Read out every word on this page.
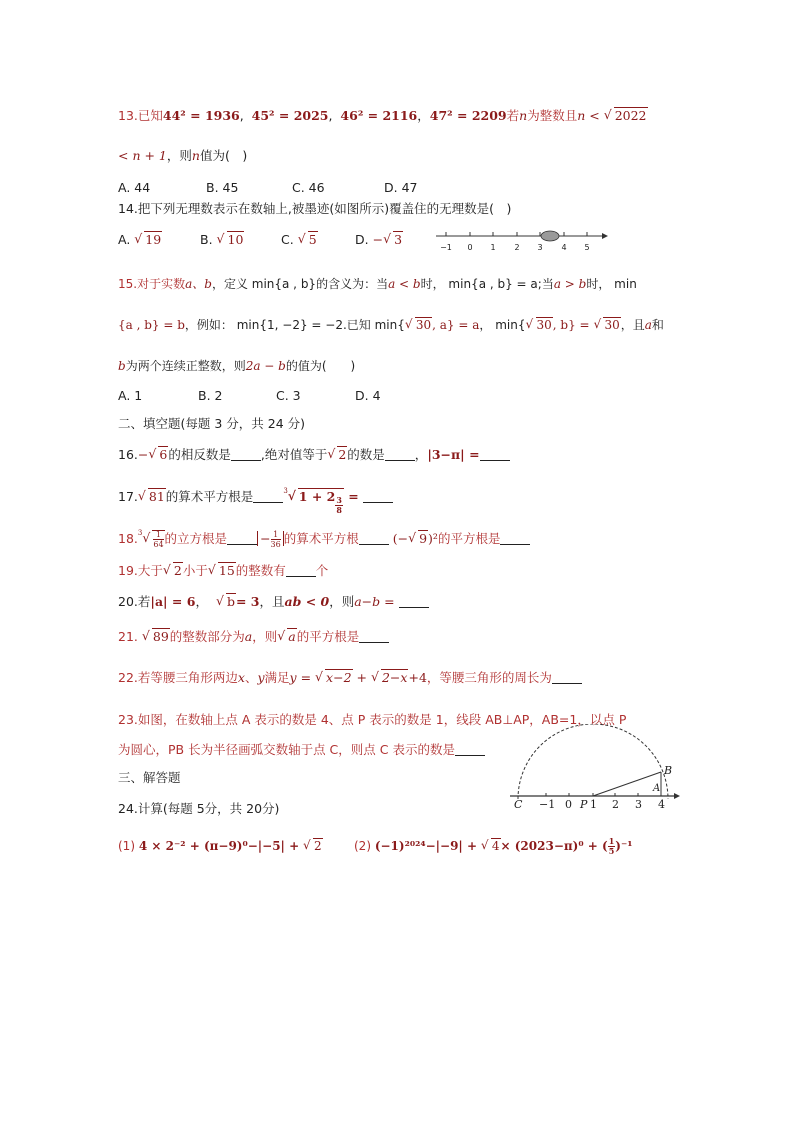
13.已知44² = 1936,  45² = 2025,  46² = 2116，47² = 2209若n为整数且n < √ 2022
< n + 1，则n值为(　)
A. 44	B. 45	C. 46	D. 47
14.把下列无理数表示在数轴上,被墨迹(如图所示)覆盖住的无理数是(　)
A. √ 19	B. √ 10	C. √ 5	D. − √ 3
−1 0 1 2 3 4 5
15.对于实数a、b，定义 min{a , b}的含义为：当a < b时， min{a , b} = a;当a > b时， min
{a , b} = b，例如： min{1, −2} = −2.已知 min{ √ 30, a} = a， min{ √ 30, b} = √ 30，且a和
b为两个连续正整数，则2a − b的值为(　　)
A. 1	B. 2	C. 3	D. 4
二、填空题(每题 3 分，共 24 分)
16.− √ 6的相反数是 ,绝对值等于 √ 2的数是 ，|3−π| =
17. √ 81的算术平方根是	$^3$ √ $1 + 2 \frac{3}{8}$ =
18.$^3$ √ $\frac{1}{64}$ 的立方根是	− $\frac{1}{36}$ 的算术平方根	(− √ 9)²的平方根是
19.大于 √ 2小于 √ 15的整数有 个
20.若|a| = 6， √ b= 3，且ab < 0，则a−b =
21. √ 89的整数部分为a，则 √ a的平方根是
22.若等腰三角形两边x、y满足y = √ x−2 + √ 2−x+4，等腰三角形的周长为
23.如图，在数轴上点 A 表示的数是 4、点 P 表示的数是 1，线段 AB⊥AP，AB=1，以点 P
为圆心，PB 长为半径画弧交数轴于点 C，则点 C 表示的数是
C −1 0 P 1 2 3 4
A
B
三、解答题
24.计算(每题 5分，共 20分)
(1) 4 × 2⁻² + (π−9)⁰−|−5| + √ 2	(2) (−1)²⁰²⁴−|−9| + √ 4× (2023−π)⁰ + ( $\frac{1}{5} )^{-1}$
